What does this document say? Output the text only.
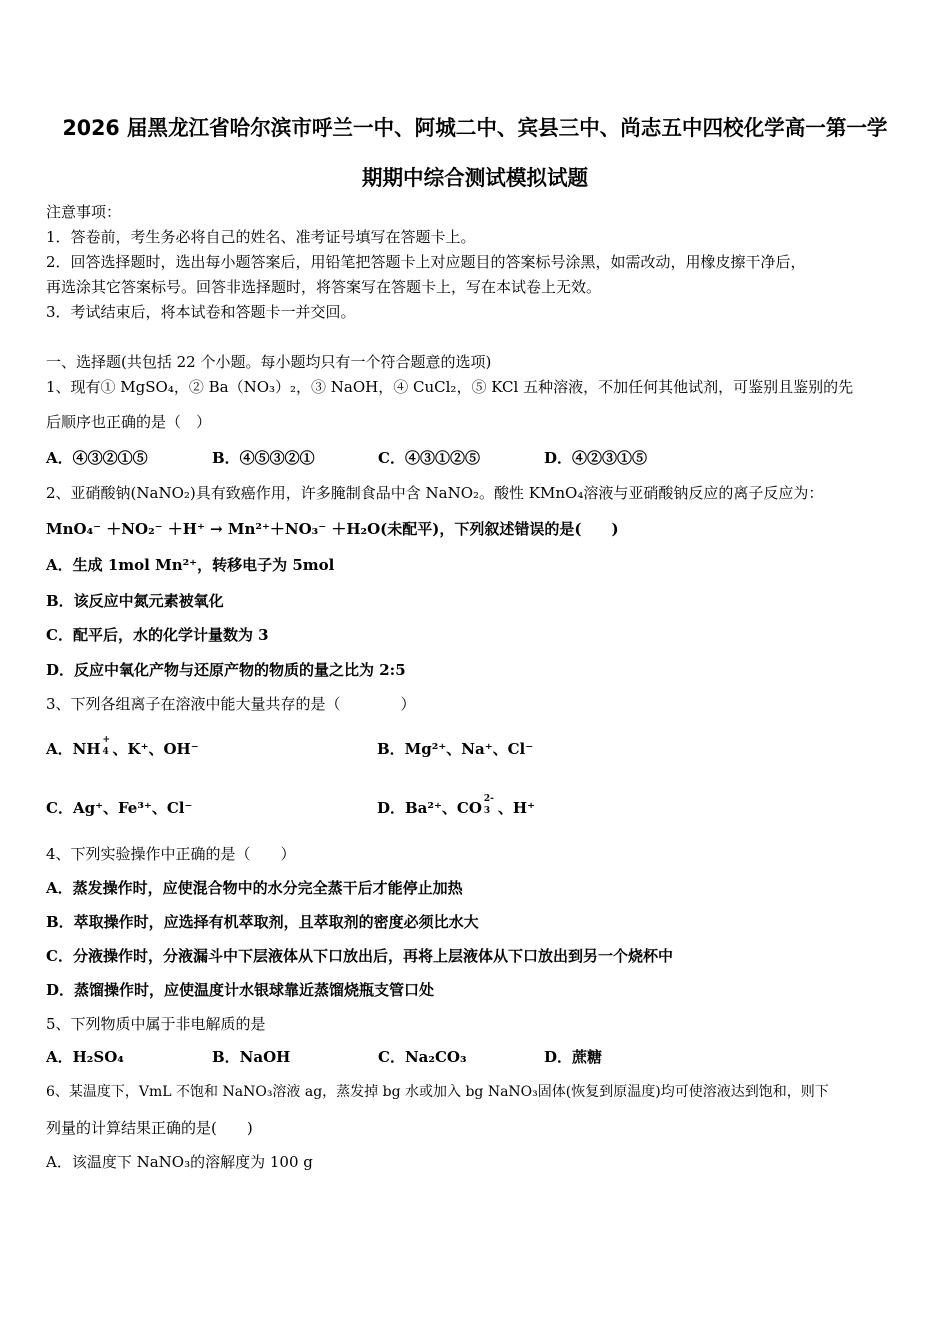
2026 届黑龙江省哈尔滨市呼兰一中、阿城二中、宾县三中、尚志五中四校化学高一第一学
期期中综合测试模拟试题
注意事项：
1．答卷前，考生务必将自己的姓名、准考证号填写在答题卡上。
2．回答选择题时，选出每小题答案后，用铅笔把答题卡上对应题目的答案标号涂黑，如需改动，用橡皮擦干净后，
再选涂其它答案标号。回答非选择题时，将答案写在答题卡上，写在本试卷上无效。
3．考试结束后，将本试卷和答题卡一并交回。
一、选择题(共包括 22 个小题。每小题均只有一个符合题意的选项)
1、现有① MgSO₄，② Ba（NO₃）₂，③ NaOH，④ CuCl₂，⑤ KCl 五种溶液，不加任何其他试剂，可鉴别且鉴别的先
后顺序也正确的是（　）
A．④③②①⑤	B．④⑤③②①	C．④③①②⑤	D．④②③①⑤
2、亚硝酸钠(NaNO₂)具有致癌作用，许多腌制食品中含 NaNO₂。酸性 KMnO₄溶液与亚硝酸钠反应的离子反应为：
MnO₄⁻ ＋NO₂⁻ ＋H⁺ → Mn²⁺＋NO₃⁻ ＋H₂O(未配平)，下列叙述错误的是(　　)
A．生成 1mol Mn²⁺，转移电子为 5mol
B．该反应中氮元素被氧化
C．配平后，水的化学计量数为 3
D．反应中氧化产物与还原产物的物质的量之比为 2:5
3、下列各组离子在溶液中能大量共存的是（　　　　）
A．NH +
4 、K⁺、OH⁻	B．Mg²⁺、Na⁺、Cl⁻
C．Ag⁺、Fe³⁺、Cl⁻	D．Ba²⁺、CO 2-
3 、H⁺
4、下列实验操作中正确的是（　　）
A．蒸发操作时，应使混合物中的水分完全蒸干后才能停止加热
B．萃取操作时，应选择有机萃取剂，且萃取剂的密度必须比水大
C．分液操作时，分液漏斗中下层液体从下口放出后，再将上层液体从下口放出到另一个烧杯中
D．蒸馏操作时，应使温度计水银球靠近蒸馏烧瓶支管口处
5、下列物质中属于非电解质的是
A．H₂SO₄	B．NaOH	C．Na₂CO₃	D．蔗糖
6、某温度下，VmL 不饱和 NaNO₃溶液 ag，蒸发掉 bg 水或加入 bg NaNO₃固体(恢复到原温度)均可使溶液达到饱和，则下
列量的计算结果正确的是(　　)
A．该温度下 NaNO₃的溶解度为 100 g
